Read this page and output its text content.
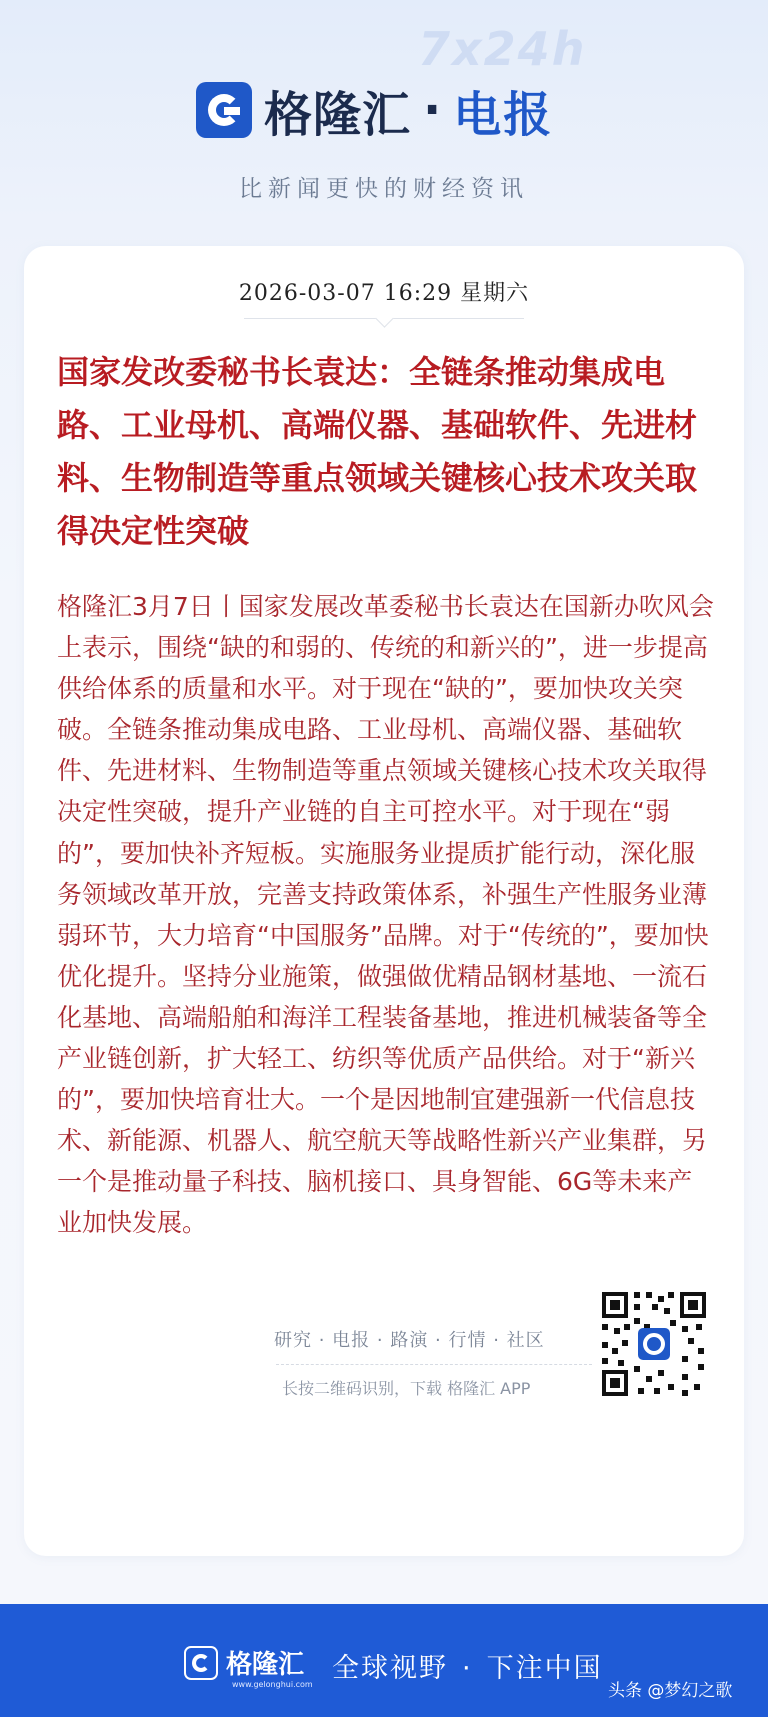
7x24h
格隆汇 · 电报
比新闻更快的财经资讯
2026-03-07 16:29 星期六
国家发改委秘书长袁达：全链条推动集成电路、工业母机、高端仪器、基础软件、先进材料、生物制造等重点领域关键核心技术攻关取得决定性突破
格隆汇3月7日丨国家发展改革委秘书长袁达在国新办吹风会上表示，围绕“缺的和弱的、传统的和新兴的”，进一步提高供给体系的质量和水平。对于现在“缺的”，要加快攻关突破。全链条推动集成电路、工业母机、高端仪器、基础软件、先进材料、生物制造等重点领域关键核心技术攻关取得决定性突破，提升产业链的自主可控水平。对于现在“弱的”，要加快补齐短板。实施服务业提质扩能行动，深化服务领域改革开放，完善支持政策体系，补强生产性服务业薄弱环节，大力培育“中国服务”品牌。对于“传统的”，要加快优化提升。坚持分业施策，做强做优精品钢材基地、一流石化基地、高端船舶和海洋工程装备基地，推进机械装备等全产业链创新，扩大轻工、纺织等优质产品供给。对于“新兴的”，要加快培育壮大。一个是因地制宜建强新一代信息技术、新能源、机器人、航空航天等战略性新兴产业集群，另一个是推动量子科技、脑机接口、具身智能、6G等未来产业加快发展。
研究 · 电报 · 路演 · 行情 · 社区
长按二维码识别，下载 格隆汇 APP
格隆汇
www.gelonghui.com
全球视野 · 下注中国
头条 @梦幻之歌
